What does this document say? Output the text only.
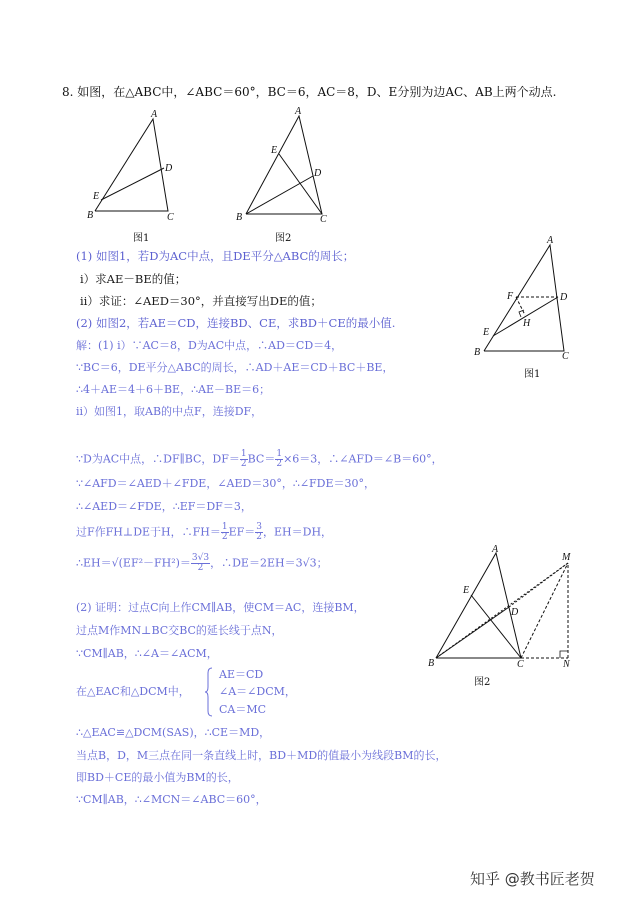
8. 如图，在△ABC中，∠ABC＝60°，BC＝6，AC＝8，D、E分别为边AC、AB上两个动点.
A
D
E
B	C
图1
A
E
D
B	C
图2
(1) 如图1，若D为AC中点，且DE平分△ABC的周长；
ⅰ）求AE－BE的值；
ⅱ）求证：∠AED＝30°，并直接写出DE的值；
(2) 如图2，若AE＝CD，连接BD、CE，求BD＋CE的最小值.
A
F	D
H
E
B	C
图1
解：(1) ⅰ）∵AC＝8，D为AC中点，∴AD＝CD＝4，
∵BC＝6，DE平分△ABC的周长，∴AD＋AE＝CD＋BC＋BE，
∴4＋AE＝4＋6＋BE，∴AE－BE＝6；
ⅱ）如图1，取AB的中点F，连接DF，
∵D为AC中点，∴DF∥BC，$DF= \frac{1}{2} BC= \frac{1}{2} \times 6=3$，∴∠AFD＝∠B＝60°，
∵∠AFD＝∠AED＋∠FDE，∠AED＝30°，∴∠FDE＝30°，
∴∠AED＝∠FDE，∴EF＝DF＝3，
过F作FH⊥DE于H，∴FH＝ $\frac{1}{2} EF= \frac{3}{2}$ ，EH＝DH，
∴EH＝√(EF²－FH²)＝ $\frac{3√3}{2}$ ，∴DE＝2EH＝3√3；
A
E
D
M
B	C	N
图2
(2) 证明：过点C向上作CM∥AB，使CM＝AC，连接BM，
过点M作MN⊥BC交BC的延长线于点N，
∵CM∥AB，∴∠A＝∠ACM，
在△EAC和△DCM中，
AE＝CD
∠A＝∠DCM，
CA＝MC
∴△EAC≌△DCM(SAS)，∴CE＝MD，
当点B，D，M三点在同一条直线上时，BD＋MD的值最小为线段BM的长，
即BD＋CE的最小值为BM的长，
∵CM∥AB，∴∠MCN＝∠ABC＝60°，
知乎 @教书匠老贺
